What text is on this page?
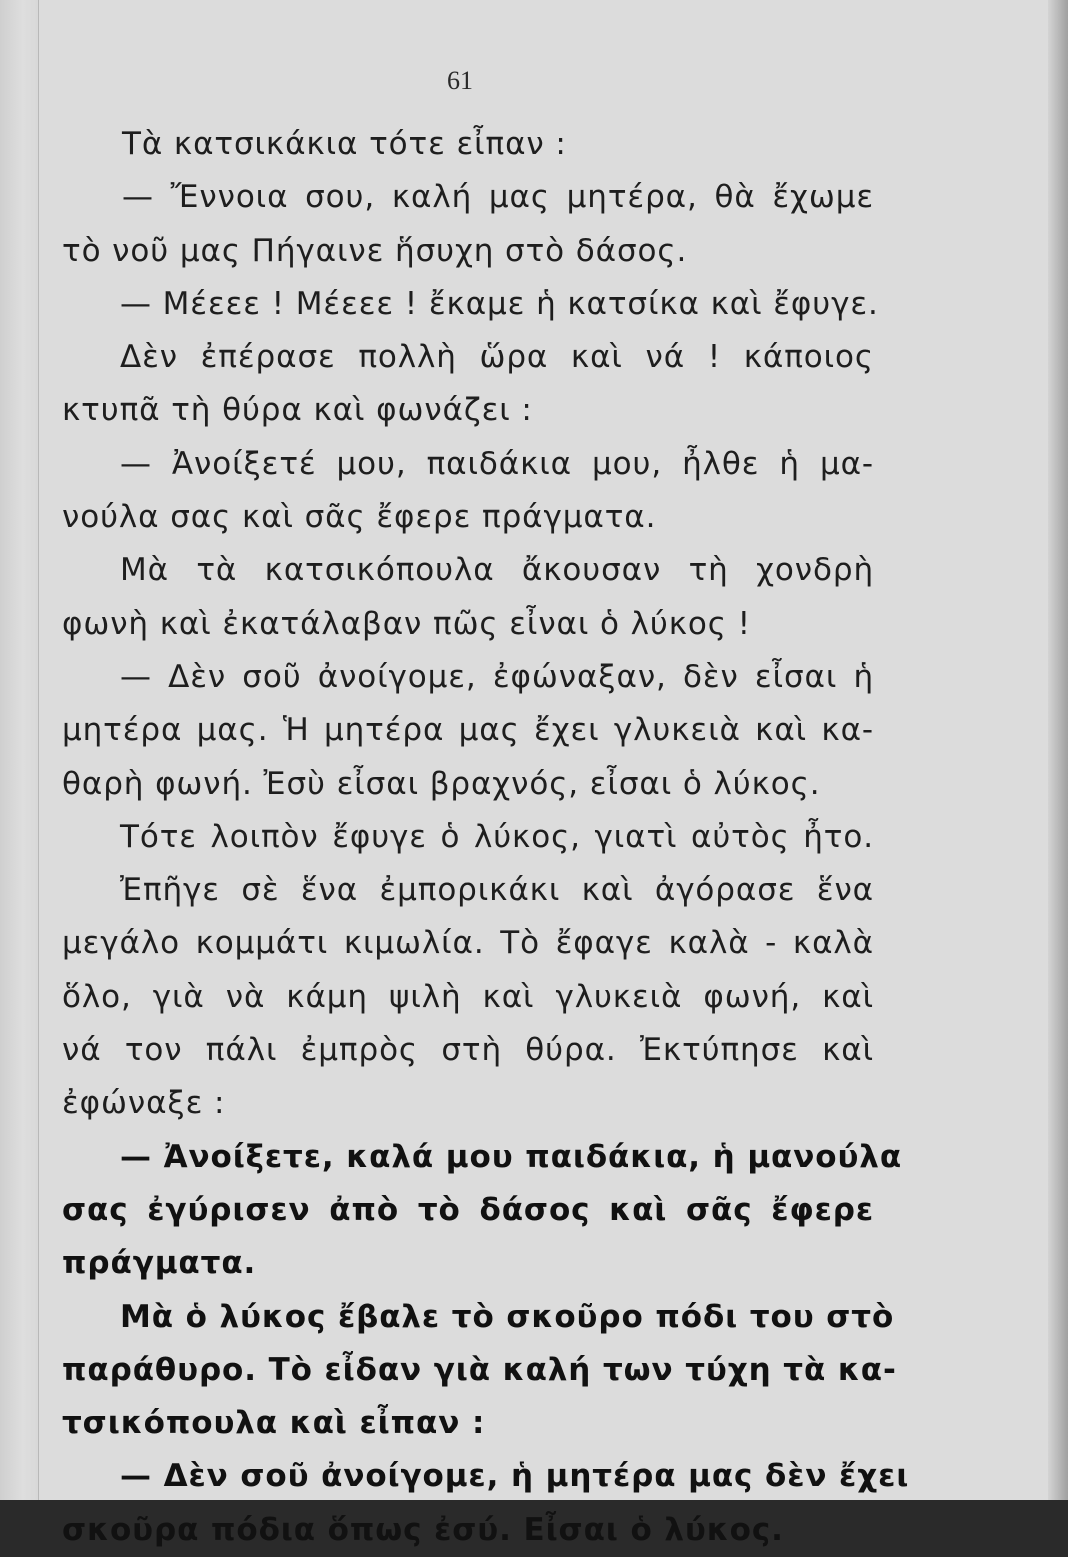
61
Τὰ κατσικάκια τότε εἶπαν :
— Ἔννοια σου, καλή μας μητέρα, θὰ ἔχωμε
τὸ νοῦ μας Πήγαινε ἥσυχη στὸ δάσος.
— Μέεεε ! Μέεεε ! ἔκαμε ἡ κατσίκα καὶ ἔφυγε.
Δὲν ἐπέρασε πολλὴ ὥρα καὶ νά ! κάποιος
κτυπᾶ τὴ θύρα καὶ φωνάζει :
— Ἀνοίξετέ μου, παιδάκια μου, ἦλθε ἡ μα-
νούλα σας καὶ σᾶς ἔφερε πράγματα.
Μὰ τὰ κατσικόπουλα ἄκουσαν τὴ χονδρὴ
φωνὴ καὶ ἐκατάλαβαν πῶς εἶναι ὁ λύκος !
— Δὲν σοῦ ἀνοίγομε, ἐφώναξαν, δὲν εἶσαι ἡ
μητέρα μας. Ἡ μητέρα μας ἔχει γλυκειὰ καὶ κα-
θαρὴ φωνή. Ἐσὺ εἶσαι βραχνός, εἶσαι ὁ λύκος.
Τότε λοιπὸν ἔφυγε ὁ λύκος, γιατὶ αὐτὸς ἦτο.
Ἐπῆγε σὲ ἕνα ἐμπορικάκι καὶ ἀγόρασε ἕνα
μεγάλο κομμάτι κιμωλία. Τὸ ἔφαγε καλὰ - καλὰ
ὅλο, γιὰ νὰ κάμη ψιλὴ καὶ γλυκειὰ φωνή, καὶ
νά τον πάλι ἐμπρὸς στὴ θύρα. Ἐκτύπησε καὶ
ἐφώναξε :
— Ἀνοίξετε, καλά μου παιδάκια, ἡ μανούλα
σας ἐγύρισεν ἀπὸ τὸ δάσος καὶ σᾶς ἔφερε
πράγματα.
Μὰ ὁ λύκος ἔβαλε τὸ σκοῦρο πόδι του στὸ
παράθυρο. Τὸ εἶδαν γιὰ καλή των τύχη τὰ κα-
τσικόπουλα καὶ εἶπαν :
— Δὲν σοῦ ἀνοίγομε, ἡ μητέρα μας δὲν ἔχει
σκοῦρα πόδια ὅπως ἐσύ. Εἶσαι ὁ λύκος.
